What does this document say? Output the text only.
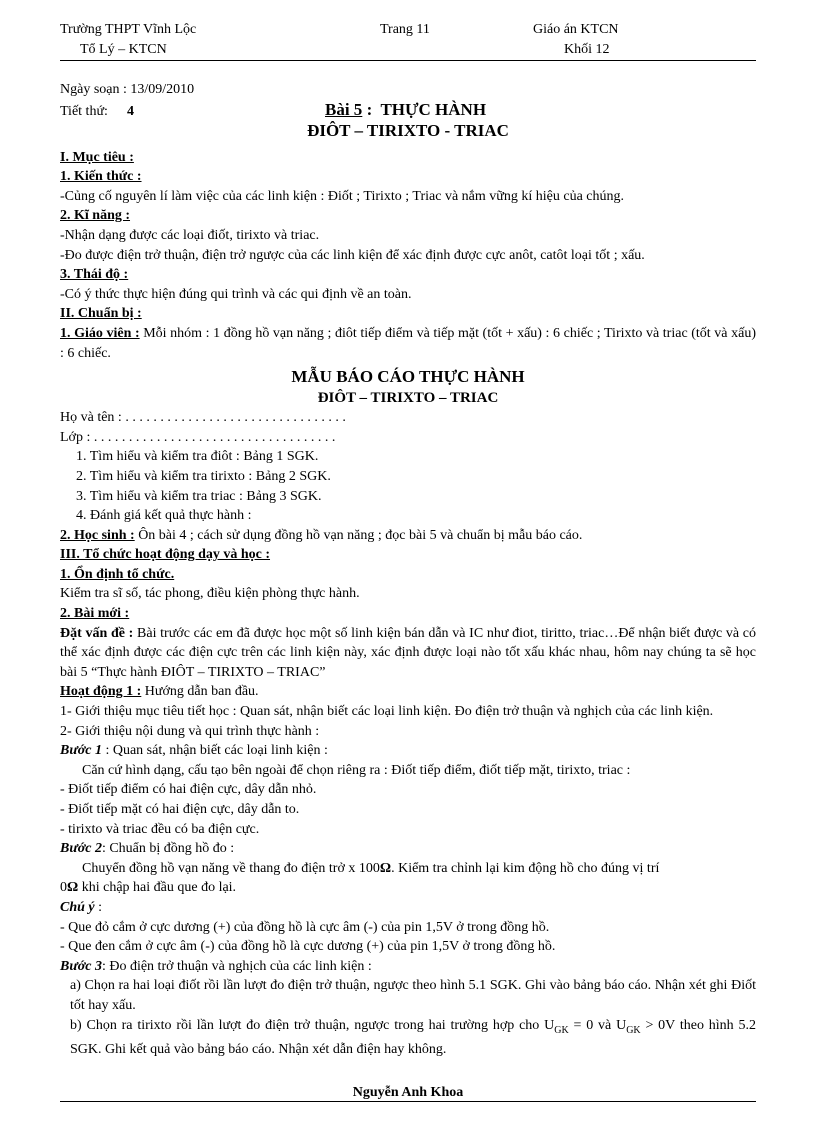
Trường THPT Vĩnh Lộc
Tổ Lý – KTCN
Trang 11	Giáo án KTCN
Khối 12
Ngày soạn : 13/09/2010
Tiết thứ: 4	Bài 5 : THỰC HÀNH
ĐIÔT – TIRIXTO - TRIAC
I. Mục tiêu :
1. Kiến thức :
-Củng cố nguyên lí làm việc của các linh kiện : Điốt ; Tirixto ; Triac và nắm vững kí hiệu của chúng.
2. Kĩ năng :
-Nhận dạng được các loại điốt, tirixto và triac.
-Đo được điện trở thuận, điện trở ngược của các linh kiện để xác định được cực anôt, catôt loại tốt ; xấu.
3. Thái độ :
-Có ý thức thực hiện đúng qui trình và các qui định về an toàn.
II. Chuẩn bị :
1. Giáo viên : Mỗi nhóm : 1 đồng hồ vạn năng ; điôt tiếp điểm và tiếp mặt (tốt + xấu) : 6 chiếc ; Tirixto và triac (tốt và xấu) : 6 chiếc.
MẪU BÁO CÁO THỰC HÀNH
ĐIÔT – TIRIXTO – TRIAC
Họ và tên : . . . . . . . . . . . . . . . . . . . . . . . . . . . . . . . .
Lớp : . . . . . . . . . . . . . . . . . . . . . . . . . . . . . . . . . . .
1. Tìm hiểu và kiểm tra điôt : Bảng 1 SGK.
2. Tìm hiểu và kiểm tra tirixto : Bảng 2 SGK.
3. Tìm hiểu và kiểm tra triac : Bảng 3 SGK.
4. Đánh giá kết quả thực hành :
2. Học sinh : Ôn bài 4 ; cách sử dụng đồng hồ vạn năng ; đọc bài 5 và chuẩn bị mẫu báo cáo.
III. Tổ chức hoạt động dạy và học :
1. Ổn định tổ chức.
Kiểm tra sĩ số, tác phong, điều kiện phòng thực hành.
2. Bài mới :
Đặt vấn đề : Bài trước các em đã được học một số linh kiện bán dẫn và IC như điot, tiritto, triac…Để nhận biết được và có thể xác định được các điện cực trên các linh kiện này, xác định được loại nào tốt xấu khác nhau, hôm nay chúng ta sẽ học bài 5 “Thực hành ĐIÔT – TIRIXTO – TRIAC”
Hoạt động 1 : Hướng dẫn ban đầu.
1- Giới thiệu mục tiêu tiết học : Quan sát, nhận biết các loại linh kiện. Đo điện trở thuận và nghịch của các linh kiện.
2- Giới thiệu nội dung và qui trình thực hành :
Bước 1 : Quan sát, nhận biết các loại linh kiện :
Căn cứ hình dạng, cấu tạo bên ngoài để chọn riêng ra : Điốt tiếp điểm, điốt tiếp mặt, tirixto, triac :
- Điốt tiếp điểm có hai điện cực, dây dẫn nhỏ.
- Điốt tiếp mặt có hai điện cực, dây dẫn to.
- tirixto và triac đều có ba điện cực.
Bước 2: Chuẩn bị đồng hồ đo :
Chuyển đồng hồ vạn năng về thang đo điện trở x 100Ω. Kiểm tra chỉnh lại kim động hồ cho đúng vị trí
0Ω khi chập hai đầu que đo lại.
Chú ý :
- Que đỏ cắm ở cực dương (+) của đồng hồ là cực âm (-) của pin 1,5V ở trong đồng hồ.
- Que đen cắm ở cực âm (-) của đồng hồ là cực dương (+) của pin 1,5V ở trong đồng hồ.
Bước 3: Đo điện trở thuận và nghịch của các linh kiện :
a) Chọn ra hai loại điốt rồi lần lượt đo điện trở thuận, ngược theo hình 5.1 SGK. Ghi vào bảng báo cáo. Nhận xét ghi Điốt tốt hay xấu.
b) Chọn ra tirixto rồi lần lượt đo điện trở thuận, ngược trong hai trường hợp cho $U_{GK} = 0$ và $U_{GK} > 0V$ theo hình 5.2 SGK. Ghi kết quả vào bảng báo cáo. Nhận xét dẫn điện hay không.
Nguyễn Anh Khoa
